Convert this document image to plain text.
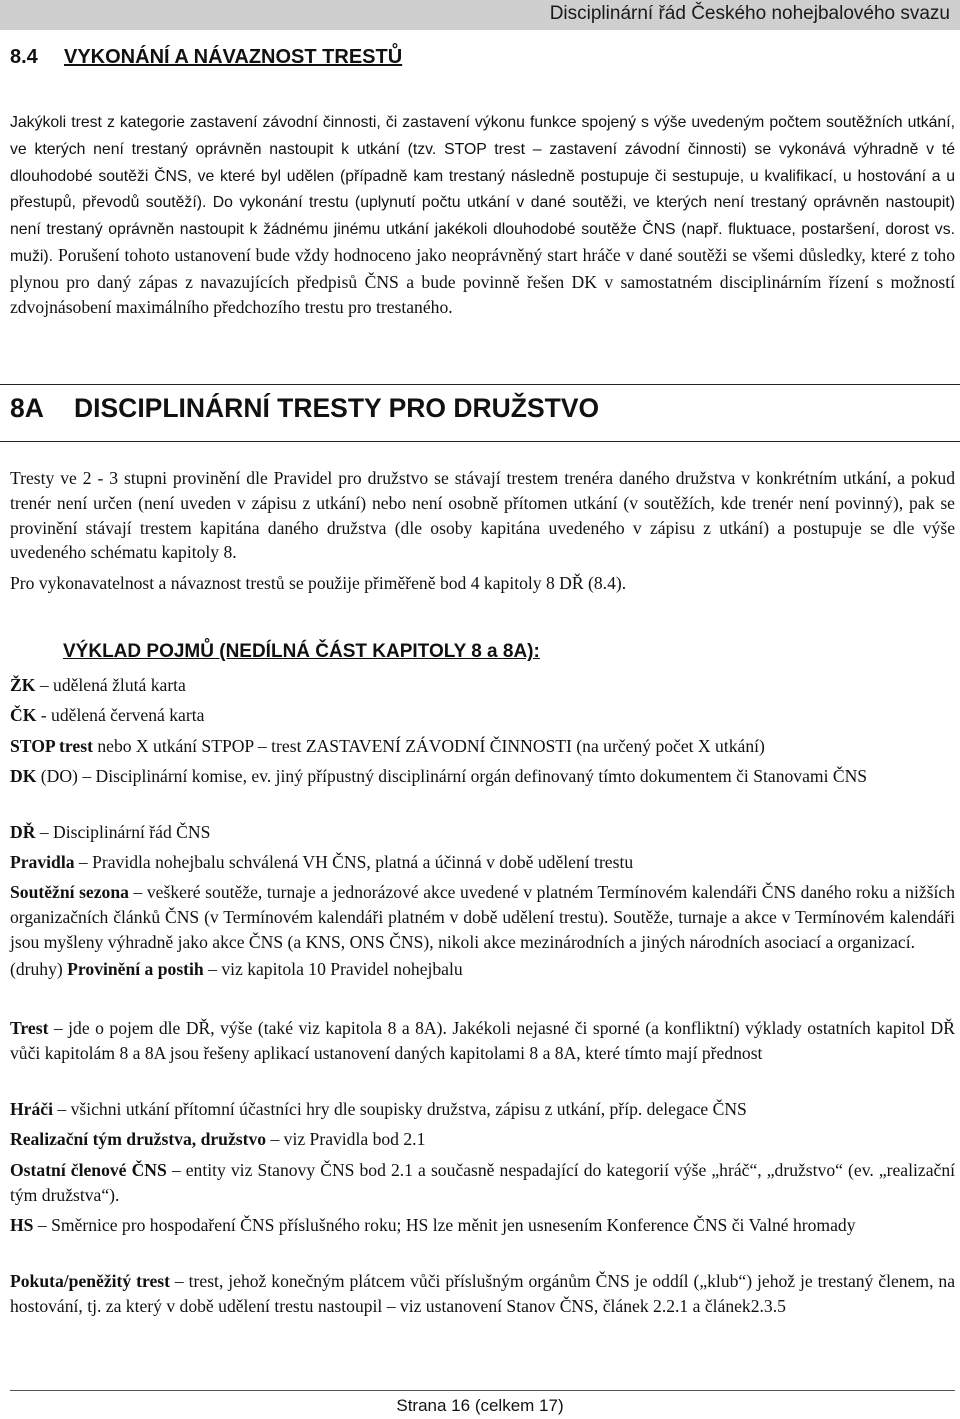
Disciplinární řád Českého nohejbalového svazu
8.4 VYKONÁNÍ A NÁVAZNOST TRESTŮ
Jakýkoli trest z kategorie zastavení závodní činnosti, či zastavení výkonu funkce spojený s výše uvedeným počtem soutěžních utkání, ve kterých není trestaný oprávněn nastoupit k utkání (tzv. STOP trest – zastavení závodní činnosti) se vykonává výhradně v té dlouhodobé soutěži ČNS, ve které byl udělen (případně kam trestaný následně postupuje či sestupuje, u kvalifikací, u hostování a u přestupů, převodů soutěží). Do vykonání trestu (uplynutí počtu utkání v dané soutěži, ve kterých není trestaný oprávněn nastoupit) není trestaný oprávněn nastoupit k žádnému jinému utkání jakékoli dlouhodobé soutěže ČNS (např. fluktuace, postaršení, dorost vs. muži). Porušení tohoto ustanovení bude vždy hodnoceno jako neoprávněný start hráče v dané soutěži se všemi důsledky, které z toho plynou pro daný zápas z navazujících předpisů ČNS a bude povinně řešen DK v samostatném disciplinárním řízení s možností zdvojnásobení maximálního předchozího trestu pro trestaného.
8A DISCIPLINÁRNÍ TRESTY PRO DRUŽSTVO
Tresty ve 2 - 3 stupni provinění dle Pravidel pro družstvo se stávají trestem trenéra daného družstva v konkrétním utkání, a pokud trenér není určen (není uveden v zápisu z utkání) nebo není osobně přítomen utkání (v soutěžích, kde trenér není povinný), pak se provinění stávají trestem kapitána daného družstva (dle osoby kapitána uvedeného v zápisu z utkání) a postupuje se dle výše uvedeného schématu kapitoly 8.
Pro vykonavatelnost a návaznost trestů se použije přiměřeně bod 4 kapitoly 8 DŘ (8.4).
VÝKLAD POJMŮ (NEDÍLNÁ ČÁST KAPITOLY 8 a 8A):
ŽK – udělená žlutá karta
ČK - udělená červená karta
STOP trest nebo X utkání STPOP – trest ZASTAVENÍ ZÁVODNÍ ČINNOSTI (na určený počet X utkání)
DK (DO) – Disciplinární komise, ev. jiný přípustný disciplinární orgán definovaný tímto dokumentem či Stanovami ČNS
DŘ – Disciplinární řád ČNS
Pravidla – Pravidla nohejbalu schválená VH ČNS, platná a účinná v době udělení trestu
Soutěžní sezona – veškeré soutěže, turnaje a jednorázové akce uvedené v platném Termínovém kalendáři ČNS daného roku a nižších organizačních článků ČNS (v Termínovém kalendáři platném v době udělení trestu). Soutěže, turnaje a akce v Termínovém kalendáři jsou myšleny výhradně jako akce ČNS (a KNS, ONS ČNS), nikoli akce mezinárodních a jiných národních asociací a organizací.
(druhy) Provinění a postih – viz kapitola 10 Pravidel nohejbalu
Trest – jde o pojem dle DŘ, výše (také viz kapitola 8 a 8A). Jakékoli nejasné či sporné (a konfliktní) výklady ostatních kapitol DŘ vůči kapitolám 8 a 8A jsou řešeny aplikací ustanovení daných kapitolami 8 a 8A, které tímto mají přednost
Hráči – všichni utkání přítomní účastníci hry dle soupisky družstva, zápisu z utkání, příp. delegace ČNS
Realizační tým družstva, družstvo – viz Pravidla bod 2.1
Ostatní členové ČNS – entity viz Stanovy ČNS bod 2.1 a současně nespadající do kategorií výše „hráč“, „družstvo“ (ev. „realizační tým družstva“).
HS – Směrnice pro hospodaření ČNS příslušného roku; HS lze měnit jen usnesením Konference ČNS či Valné hromady
Pokuta/peněžitý trest – trest, jehož konečným plátcem vůči příslušným orgánům ČNS je oddíl („klub“) jehož je trestaný členem, na hostování, tj. za který v době udělení trestu nastoupil – viz ustanovení Stanov ČNS, článek 2.2.1 a článek2.3.5
Strana 16 (celkem 17)
